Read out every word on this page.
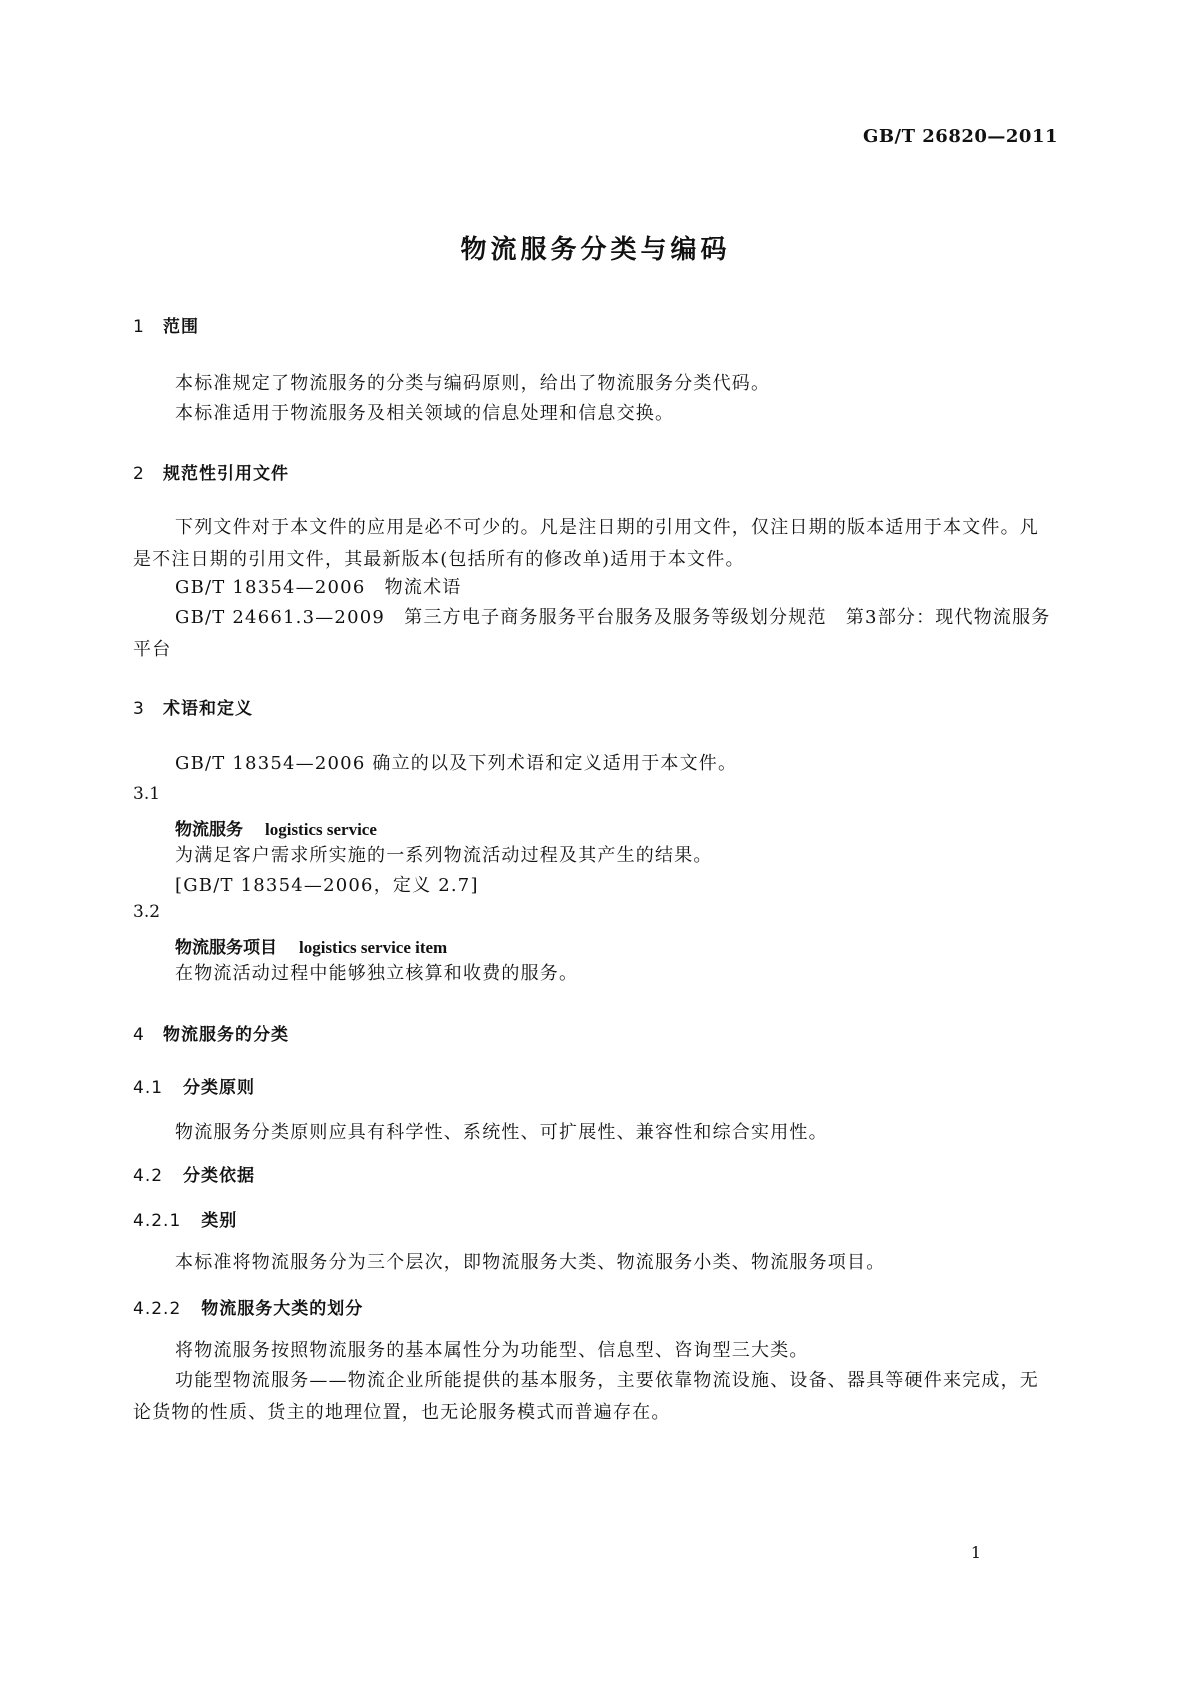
GB/T 26820—2011
物流服务分类与编码
1 范围
本标准规定了物流服务的分类与编码原则，给出了物流服务分类代码。
本标准适用于物流服务及相关领域的信息处理和信息交换。
2 规范性引用文件
下列文件对于本文件的应用是必不可少的。凡是注日期的引用文件，仅注日期的版本适用于本文件。凡是不注日期的引用文件，其最新版本(包括所有的修改单)适用于本文件。
GB/T 18354—2006　物流术语
GB/T 24661.3—2009　第三方电子商务服务平台服务及服务等级划分规范　第3部分：现代物流服务平台
3 术语和定义
GB/T 18354—2006 确立的以及下列术语和定义适用于本文件。
3.1
物流服务 logistics service
为满足客户需求所实施的一系列物流活动过程及其产生的结果。
[GB/T 18354—2006，定义 2.7]
3.2
物流服务项目 logistics service item
在物流活动过程中能够独立核算和收费的服务。
4 物流服务的分类
4.1 分类原则
物流服务分类原则应具有科学性、系统性、可扩展性、兼容性和综合实用性。
4.2 分类依据
4.2.1 类别
本标准将物流服务分为三个层次，即物流服务大类、物流服务小类、物流服务项目。
4.2.2 物流服务大类的划分
将物流服务按照物流服务的基本属性分为功能型、信息型、咨询型三大类。
功能型物流服务——物流企业所能提供的基本服务，主要依靠物流设施、设备、器具等硬件来完成，无论货物的性质、货主的地理位置，也无论服务模式而普遍存在。
1
